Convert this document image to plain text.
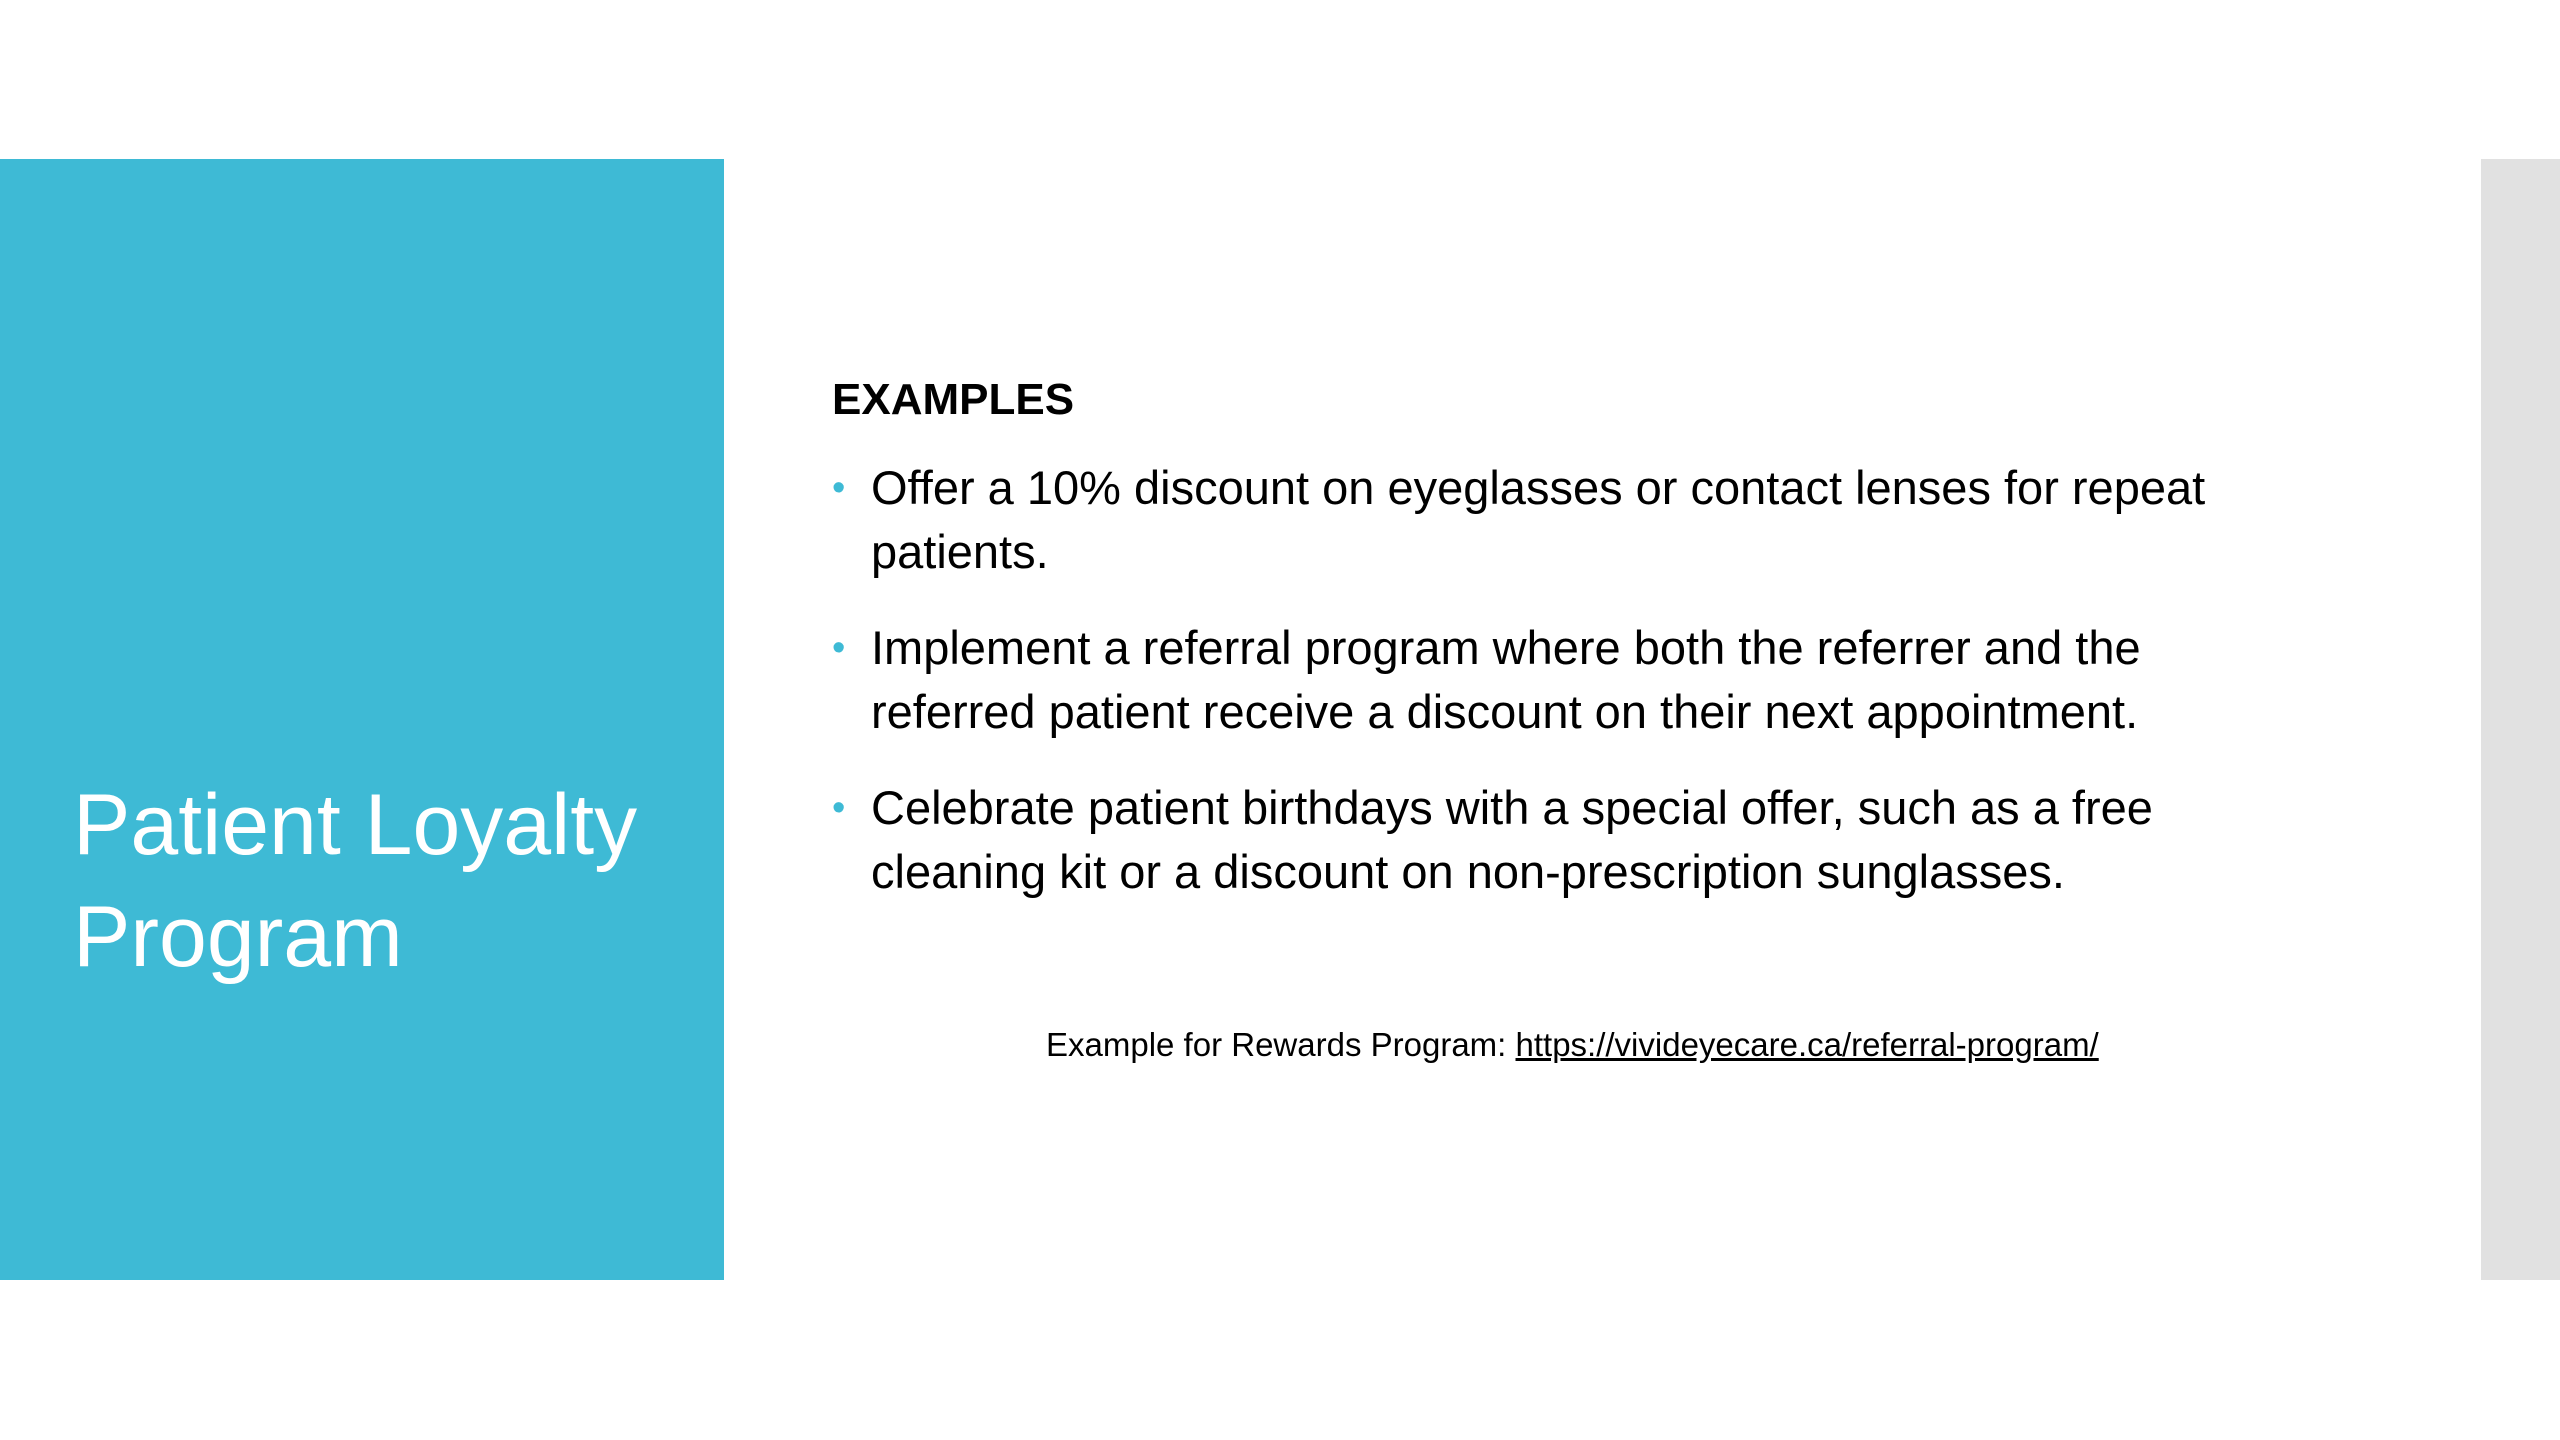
Patient Loyalty Program
EXAMPLES
• Offer a 10% discount on eyeglasses or contact lenses for repeat patients.
• Implement a referral program where both the referrer and the referred patient receive a discount on their next appointment.
• Celebrate patient birthdays with a special offer, such as a free cleaning kit or a discount on non-prescription sunglasses.
Example for Rewards Program: https://vivideyecare.ca/referral-program/
